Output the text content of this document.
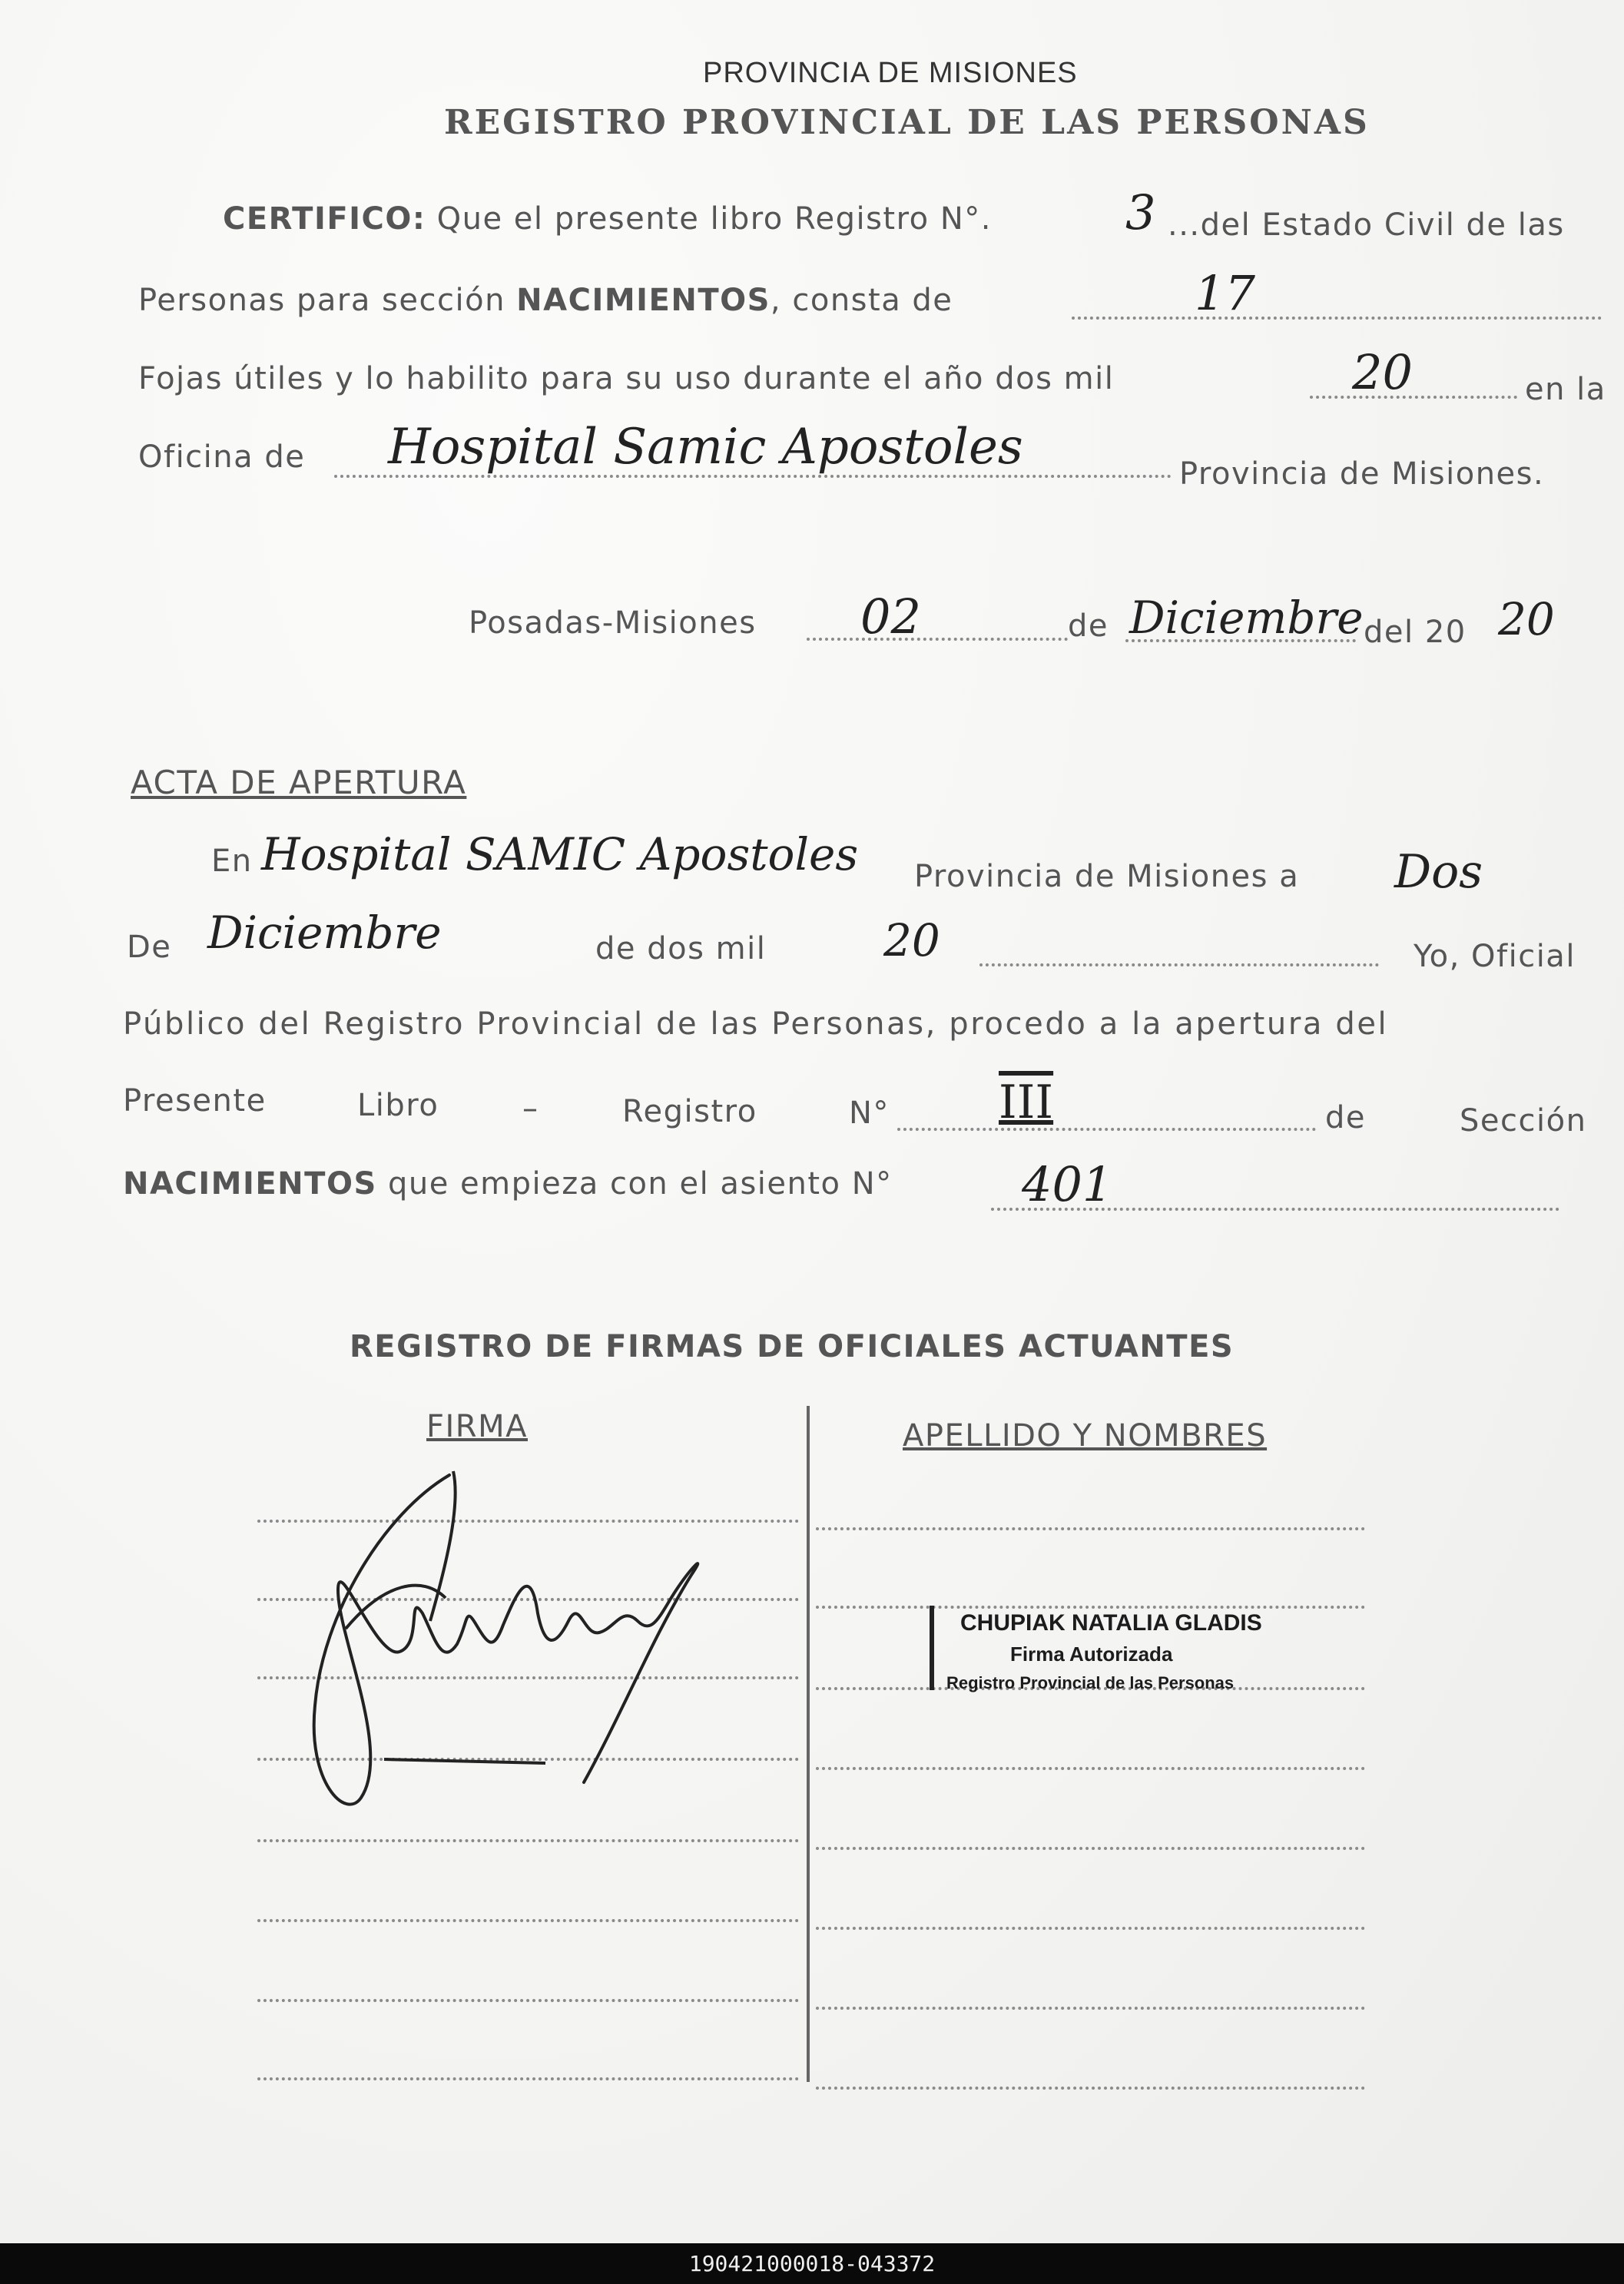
PROVINCIA DE MISIONES
REGISTRO PROVINCIAL DE LAS PERSONAS
CERTIFICO: Que el presente libro Registro N°.	3 ...del Estado Civil de las
Personas para sección NACIMIENTOS, consta de	17
Fojas útiles y lo habilito para su uso durante el año dos mil	20	en la
Oficina de Hospital Samic Apostoles	Provincia de Misiones.
Posadas-Misiones 02	de Diciembre del 20 20
ACTA DE APERTURA
En Hospital SAMIC Apostoles Provincia de Misiones a Dos
De Diciembre	de dos mil	20	Yo, Oficial
Público del Registro Provincial de las Personas, procedo a la apertura del
Presente	Libro	–	Registro	N° III	de	Sección
NACIMIENTOS que empieza con el asiento N°	401
REGISTRO DE FIRMAS DE OFICIALES ACTUANTES
FIRMA	APELLIDO Y NOMBRES
CHUPIAK NATALIA GLADIS
Firma Autorizada
Registro Provincial de las Personas
190421000018-043372
